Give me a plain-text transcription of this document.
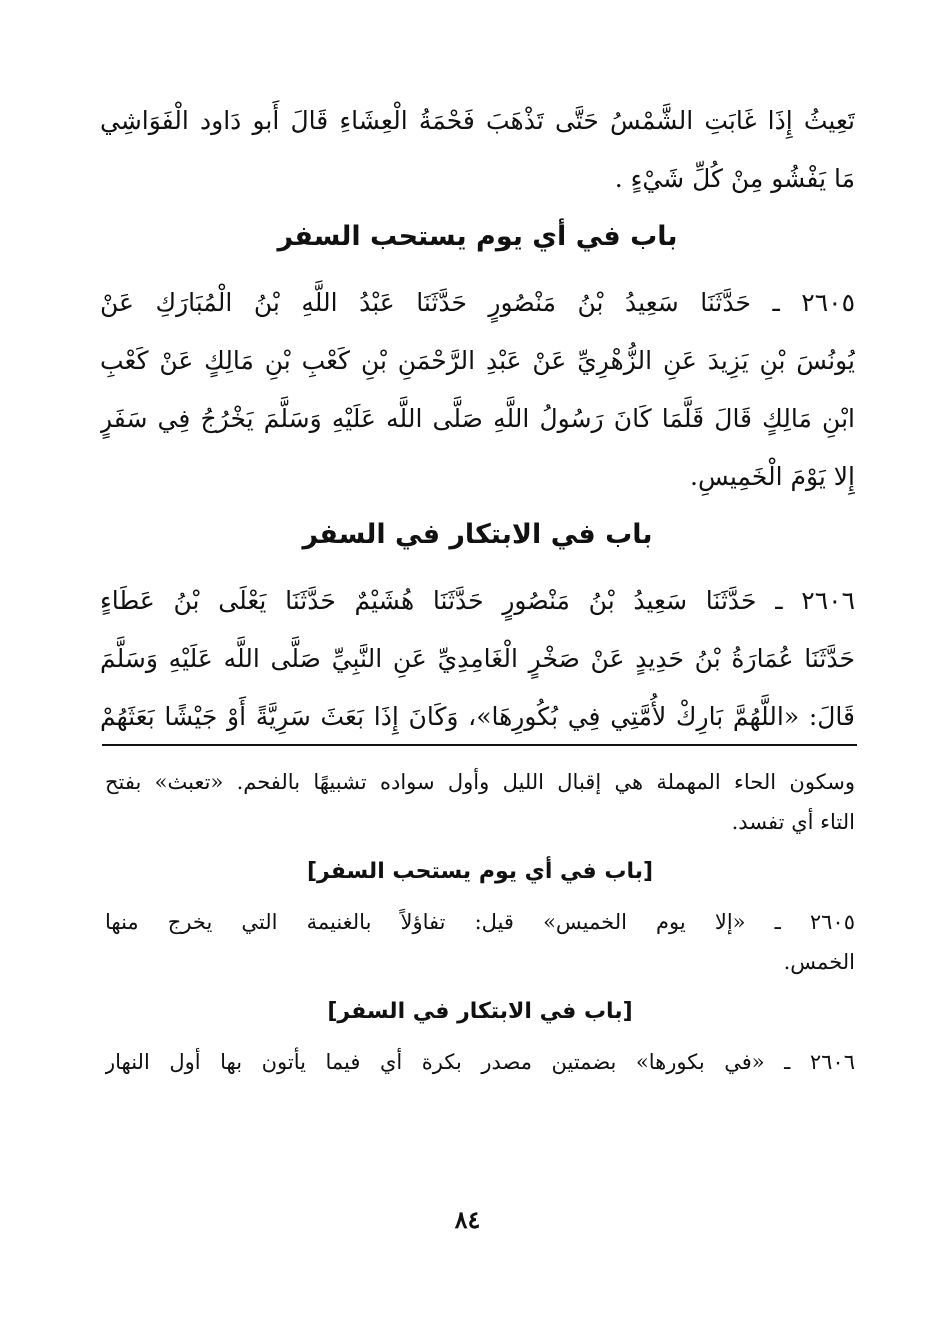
تَعِيثُ إِذَا غَابَتِ الشَّمْسُ حَتَّى تَذْهَبَ فَحْمَةُ الْعِشَاءِ قَالَ أَبو دَاود الْفَوَاشِي
مَا يَفْشُو مِنْ كُلِّ شَيْءٍ .
باب في أي يوم يستحب السفر
٢٦٠٥ ـ حَدَّثَنَا سَعِيدُ بْنُ مَنْصُورٍ حَدَّثَنَا عَبْدُ اللَّهِ بْنُ الْمُبَارَكِ عَنْ
يُونُسَ بْنِ يَزِيدَ عَنِ الزُّهْرِيِّ عَنْ عَبْدِ الرَّحْمَنِ بْنِ كَعْبِ بْنِ مَالِكٍ عَنْ كَعْبِ
ابْنِ مَالِكٍ قَالَ قَلَّمَا كَانَ رَسُولُ اللَّهِ صَلَّى اللَّه عَلَيْهِ وَسَلَّمَ يَخْرُجُ فِي سَفَرٍ
إِلا يَوْمَ الْخَمِيسِ.
باب في الابتكار في السفر
٢٦٠٦ ـ حَدَّثَنَا سَعِيدُ بْنُ مَنْصُورٍ حَدَّثَنَا هُشَيْمٌ حَدَّثَنَا يَعْلَى بْنُ عَطَاءٍ
حَدَّثَنَا عُمَارَةُ بْنُ حَدِيدٍ عَنْ صَخْرٍ الْغَامِدِيِّ عَنِ النَّبِيِّ صَلَّى اللَّه عَلَيْهِ وَسَلَّمَ
قَالَ: «اللَّهُمَّ بَارِكْ لأُمَّتِي فِي بُكُورِهَا»، وَكَانَ إِذَا بَعَثَ سَرِيَّةً أَوْ جَيْشًا بَعَثَهُمْ
وسكون الحاء المهملة هي إقبال الليل وأول سواده تشبيهًا بالفحم. «تعبث» بفتح
التاء أي تفسد.
[باب في أي يوم يستحب السفر]
٢٦٠٥ ـ «إلا يوم الخميس» قيل: تفاؤلاً بالغنيمة التي يخرج منها
الخمس.
[باب في الابتكار في السفر]
٢٦٠٦ ـ «في بكورها» بضمتين مصدر بكرة أي فيما يأتون بها أول النهار
٨٤
